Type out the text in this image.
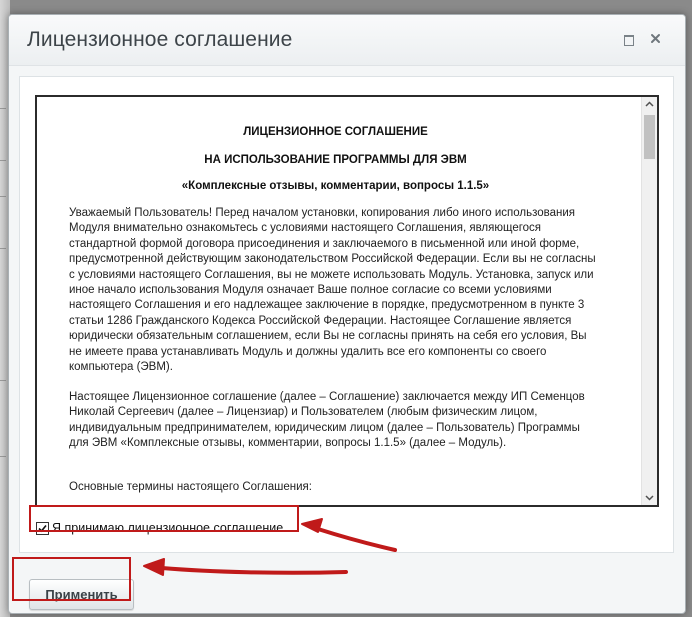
Лицензионное соглашение

ЛИЦЕНЗИОННОЕ СОГЛАШЕНИЕ

НА ИСПОЛЬЗОВАНИЕ ПРОГРАММЫ ДЛЯ ЭВМ

«Комплексные отзывы, комментарии, вопросы 1.1.5»

Уважаемый Пользователь! Перед началом установки, копирования либо иного использования Модуля внимательно ознакомьтесь с условиями настоящего Соглашения, являющегося стандартной формой договора присоединения и заключаемого в письменной или иной форме, предусмотренной действующим законодательством Российской Федерации. Если вы не согласны с условиями настоящего Соглашения, вы не можете использовать Модуль. Установка, запуск или иное начало использования Модуля означает Ваше полное согласие со всеми условиями настоящего Соглашения и его надлежащее заключение в порядке, предусмотренном в пункте 3 статьи 1286 Гражданского Кодекса Российской Федерации. Настоящее Соглашение является юридически обязательным соглашением, если Вы не согласны принять на себя его условия, Вы не имеете права устанавливать Модуль и должны удалить все его компоненты со своего компьютера (ЭВМ).

Настоящее Лицензионное соглашение (далее – Соглашение) заключается между ИП Семенцов Николай Сергеевич (далее – Лицензиар) и Пользователем (любым физическим лицом, индивидуальным предпринимателем, юридическим лицом (далее – Пользователь) Программы для ЭВМ «Комплексные отзывы, комментарии, вопросы 1.1.5» (далее – Модуль).

Основные термины настоящего Соглашения:

Я принимаю лицензионное соглашение
Применить
